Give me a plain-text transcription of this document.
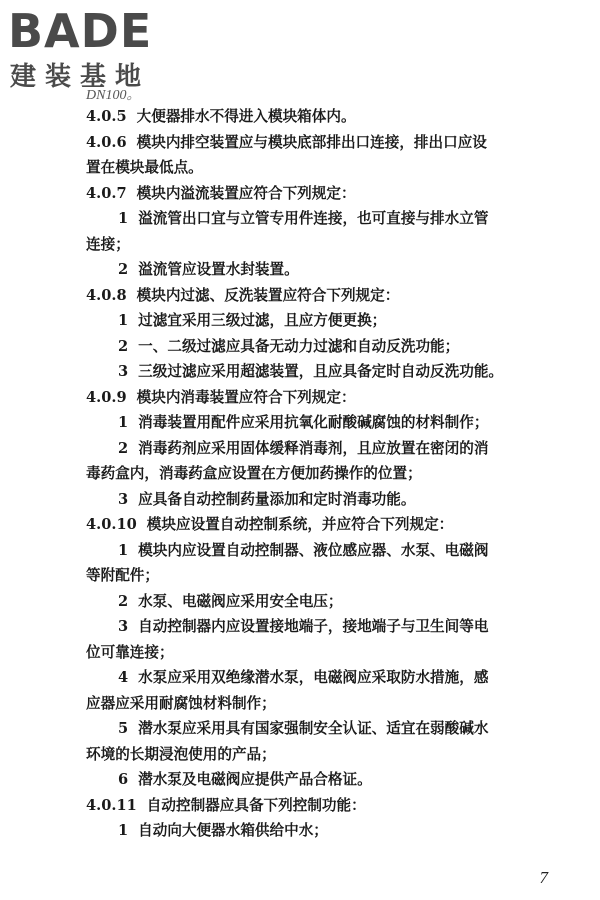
BADE
建装基地
DN100。
4.0.5 大便器排水不得进入模块箱体内。
4.0.6 模块内排空装置应与模块底部排出口连接，排出口应设
置在模块最低点。
4.0.7 模块内溢流装置应符合下列规定：
1 溢流管出口宜与立管专用件连接，也可直接与排水立管
连接；
2 溢流管应设置水封装置。
4.0.8 模块内过滤、反洗装置应符合下列规定：
1 过滤宜采用三级过滤，且应方便更换；
2 一、二级过滤应具备无动力过滤和自动反洗功能；
3 三级过滤应采用超滤装置，且应具备定时自动反洗功能。
4.0.9 模块内消毒装置应符合下列规定：
1 消毒装置用配件应采用抗氧化耐酸碱腐蚀的材料制作；
2 消毒药剂应采用固体缓释消毒剂，且应放置在密闭的消
毒药盒内，消毒药盒应设置在方便加药操作的位置；
3 应具备自动控制药量添加和定时消毒功能。
4.0.10 模块应设置自动控制系统，并应符合下列规定：
1 模块内应设置自动控制器、液位感应器、水泵、电磁阀
等附配件；
2 水泵、电磁阀应采用安全电压；
3 自动控制器内应设置接地端子，接地端子与卫生间等电
位可靠连接；
4 水泵应采用双绝缘潜水泵，电磁阀应采取防水措施，感
应器应采用耐腐蚀材料制作；
5 潜水泵应采用具有国家强制安全认证、适宜在弱酸碱水
环境的长期浸泡使用的产品；
6 潜水泵及电磁阀应提供产品合格证。
4.0.11 自动控制器应具备下列控制功能：
1 自动向大便器水箱供给中水；
7
